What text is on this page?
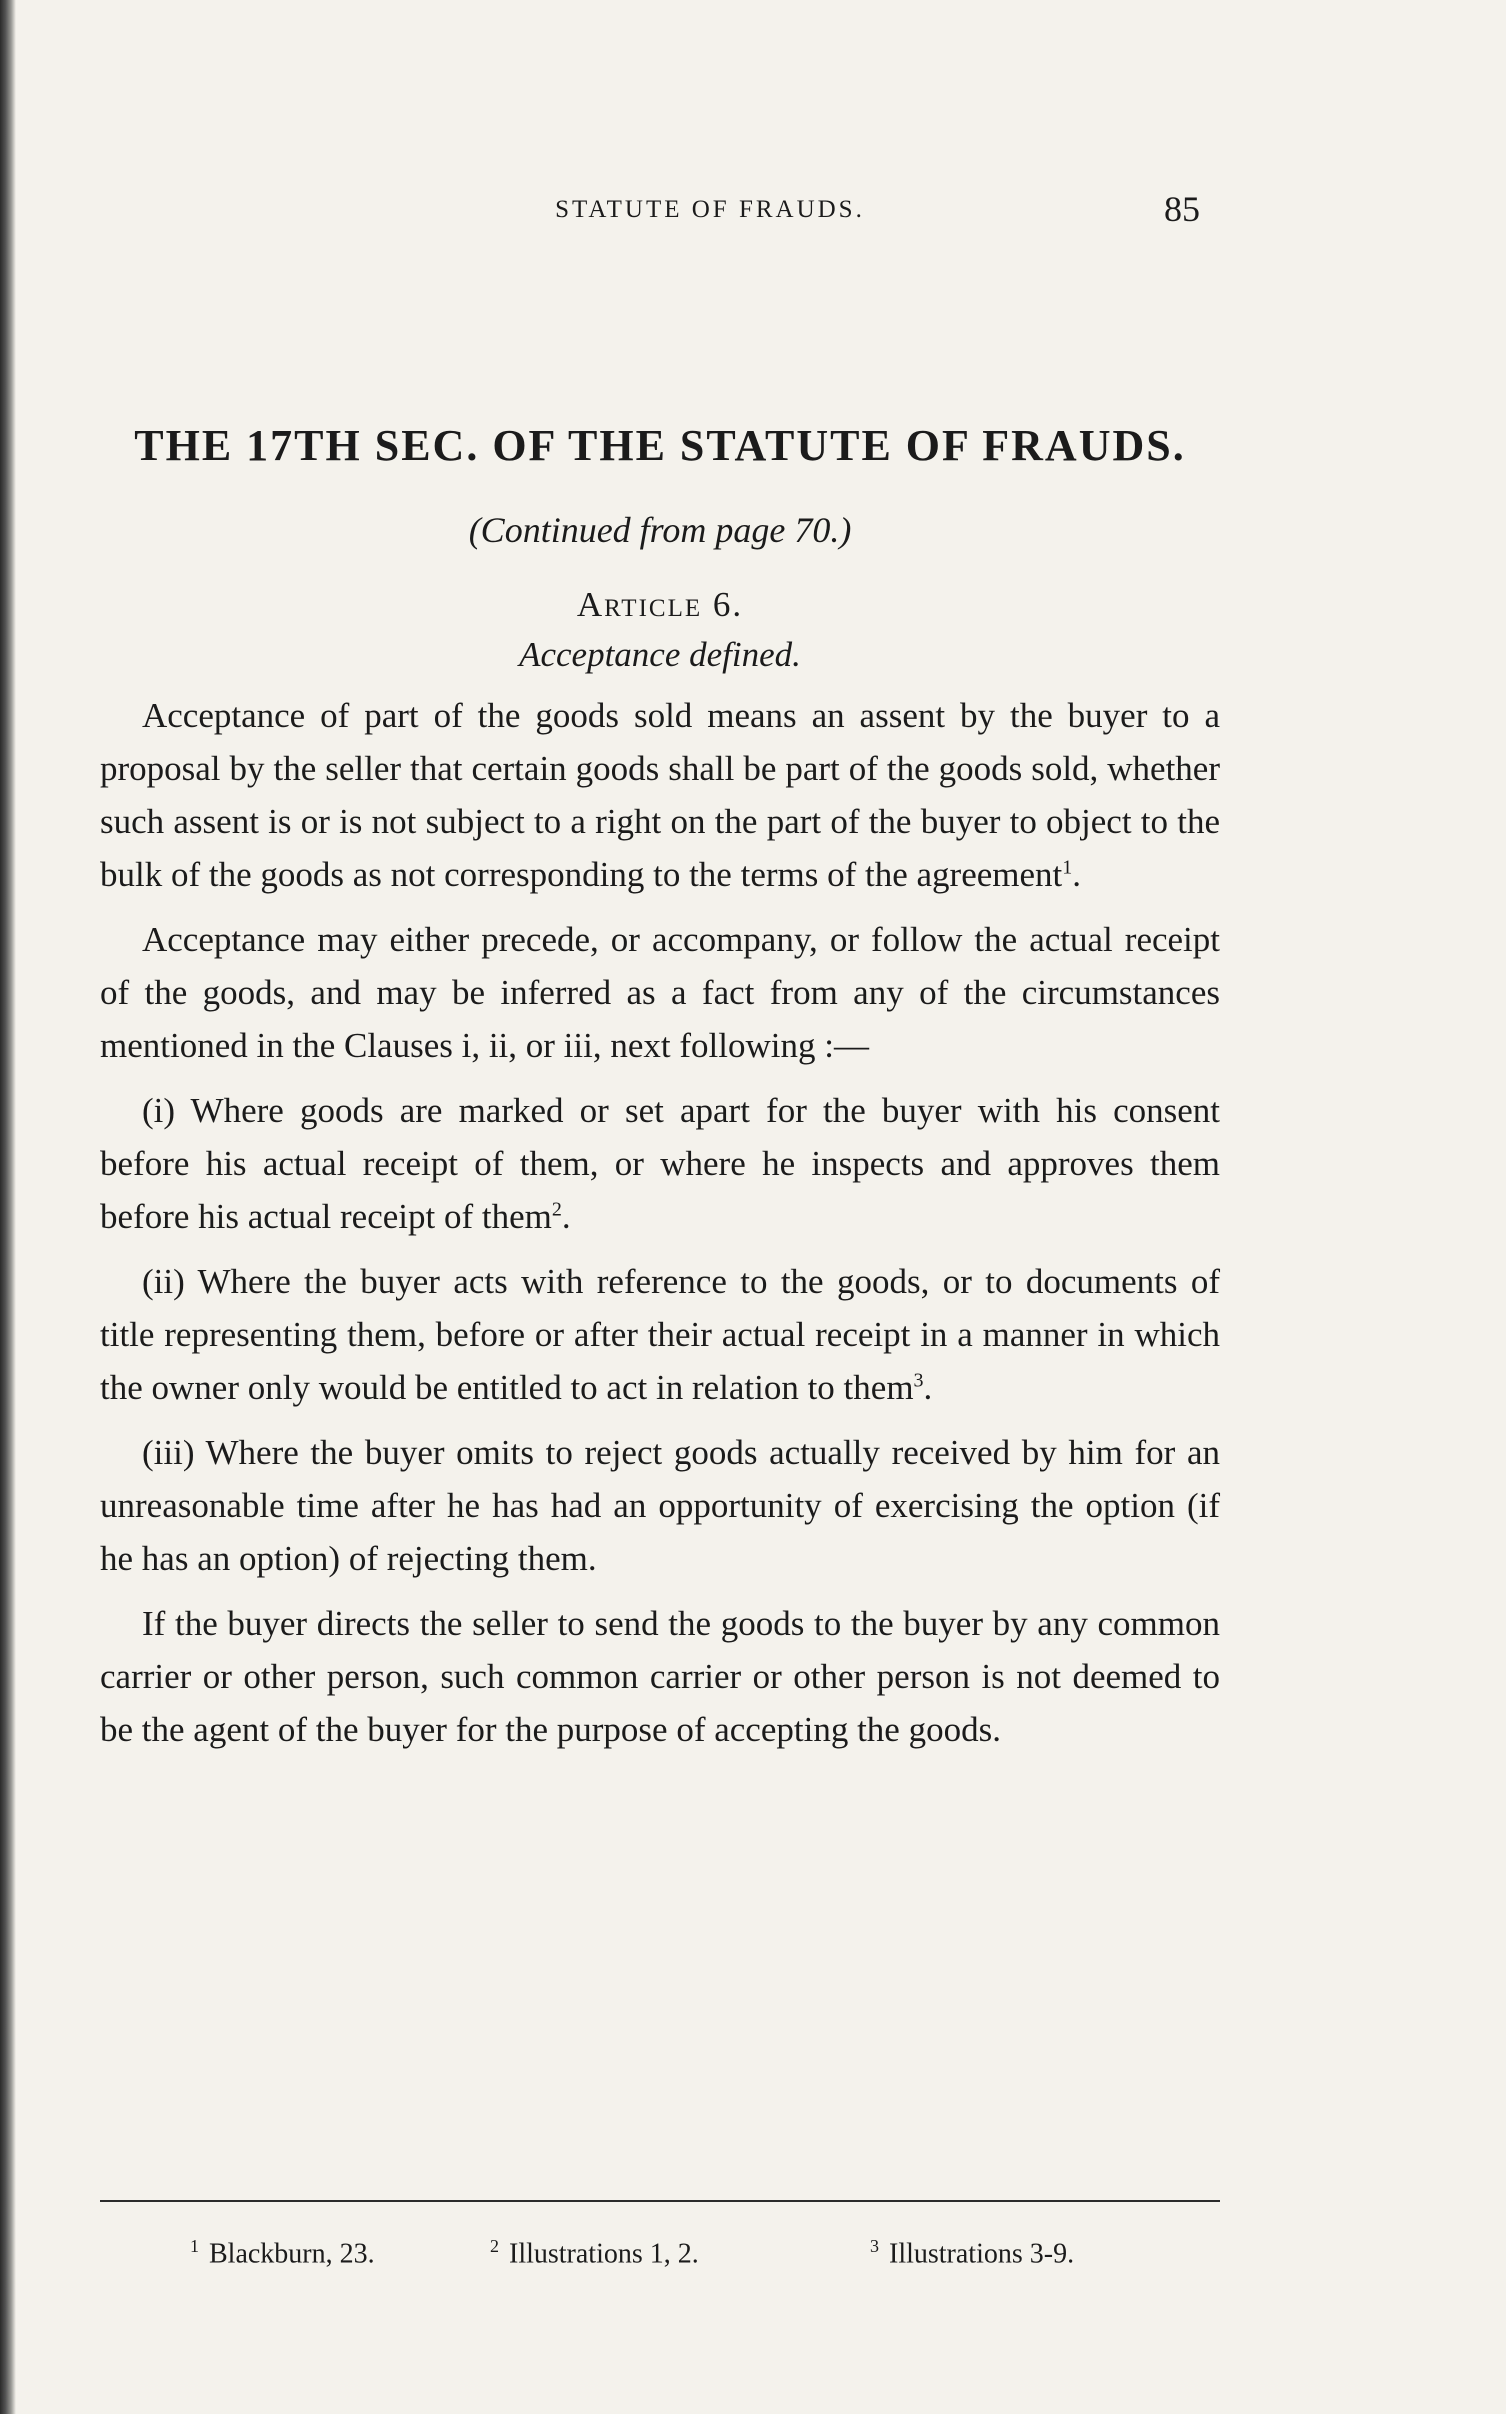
STATUTE OF FRAUDS.	85
THE 17TH SEC. OF THE STATUTE OF FRAUDS.
(Continued from page 70.)
Article 6.
Acceptance defined.

Acceptance of part of the goods sold means an assent by the buyer to a proposal by the seller that certain goods shall be part of the goods sold, whether such assent is or is not subject to a right on the part of the buyer to object to the bulk of the goods as not corresponding to the terms of the agreement$^1$.

Acceptance may either precede, or accompany, or follow the actual receipt of the goods, and may be inferred as a fact from any of the circumstances mentioned in the Clauses i, ii, or iii, next following :—

(i) Where goods are marked or set apart for the buyer with his consent before his actual receipt of them, or where he inspects and approves them before his actual receipt of them$^2$.

(ii) Where the buyer acts with reference to the goods, or to documents of title representing them, before or after their actual receipt in a manner in which the owner only would be entitled to act in relation to them$^3$.

(iii) Where the buyer omits to reject goods actually received by him for an unreasonable time after he has had an opportunity of exercising the option (if he has an option) of rejecting them.

If the buyer directs the seller to send the goods to the buyer by any common carrier or other person, such common carrier or other person is not deemed to be the agent of the buyer for the purpose of accepting the goods.

$^1$ Blackburn, 23.	$^2$ Illustrations 1, 2.	$^3$ Illustrations 3-9.
